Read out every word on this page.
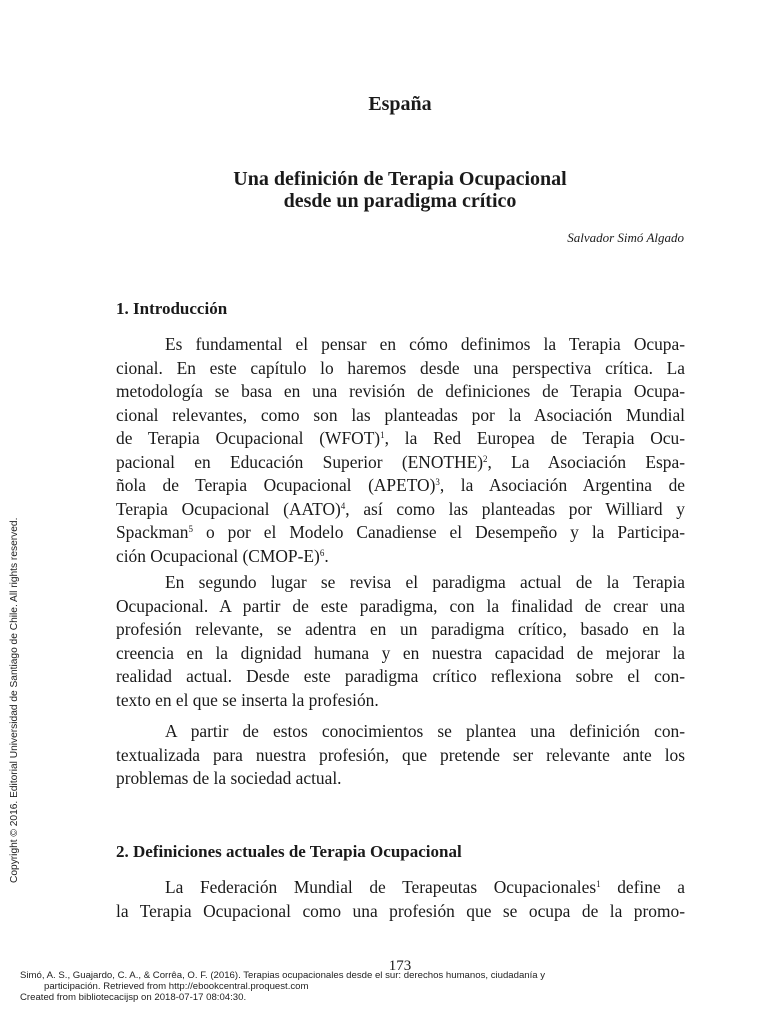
España
Una definición de Terapia Ocupacional
desde un paradigma crítico
Salvador Simó Algado
1. Introducción
Es fundamental el pensar en cómo definimos la Terapia Ocupa-
cional. En este capítulo lo haremos desde una perspectiva crítica. La
metodología se basa en una revisión de definiciones de Terapia Ocupa-
cional relevantes, como son las planteadas por la Asociación Mundial
de Terapia Ocupacional (WFOT)$^1$, la Red Europea de Terapia Ocu-
pacional en Educación Superior (ENOTHE)$^2$, La Asociación Espa-
ñola de Terapia Ocupacional (APETO)$^3$, la Asociación Argentina de
Terapia Ocupacional (AATO)$^4$, así como las planteadas por Williard y
Spackman$^5$ o por el Modelo Canadiense el Desempeño y la Participa-
ción Ocupacional (CMOP-E)$^6$.
En segundo lugar se revisa el paradigma actual de la Terapia
Ocupacional. A partir de este paradigma, con la finalidad de crear una
profesión relevante, se adentra en un paradigma crítico, basado en la
creencia en la dignidad humana y en nuestra capacidad de mejorar la
realidad actual. Desde este paradigma crítico reflexiona sobre el con-
texto en el que se inserta la profesión.
A partir de estos conocimientos se plantea una definición con-
textualizada para nuestra profesión, que pretende ser relevante ante los
problemas de la sociedad actual.
2. Definiciones actuales de Terapia Ocupacional
La Federación Mundial de Terapeutas Ocupacionales$^1$ define a
la Terapia Ocupacional como una profesión que se ocupa de la promo-
173
Copyright © 2016. Editorial Universidad de Santiago de Chile. All rights reserved.
Simó, A. S., Guajardo, C. A., & Corrêa, O. F. (2016). Terapias ocupacionales desde el sur: derechos humanos, ciudadanía y
participación. Retrieved from http://ebookcentral.proquest.com
Created from bibliotecacijsp on 2018-07-17 08:04:30.
